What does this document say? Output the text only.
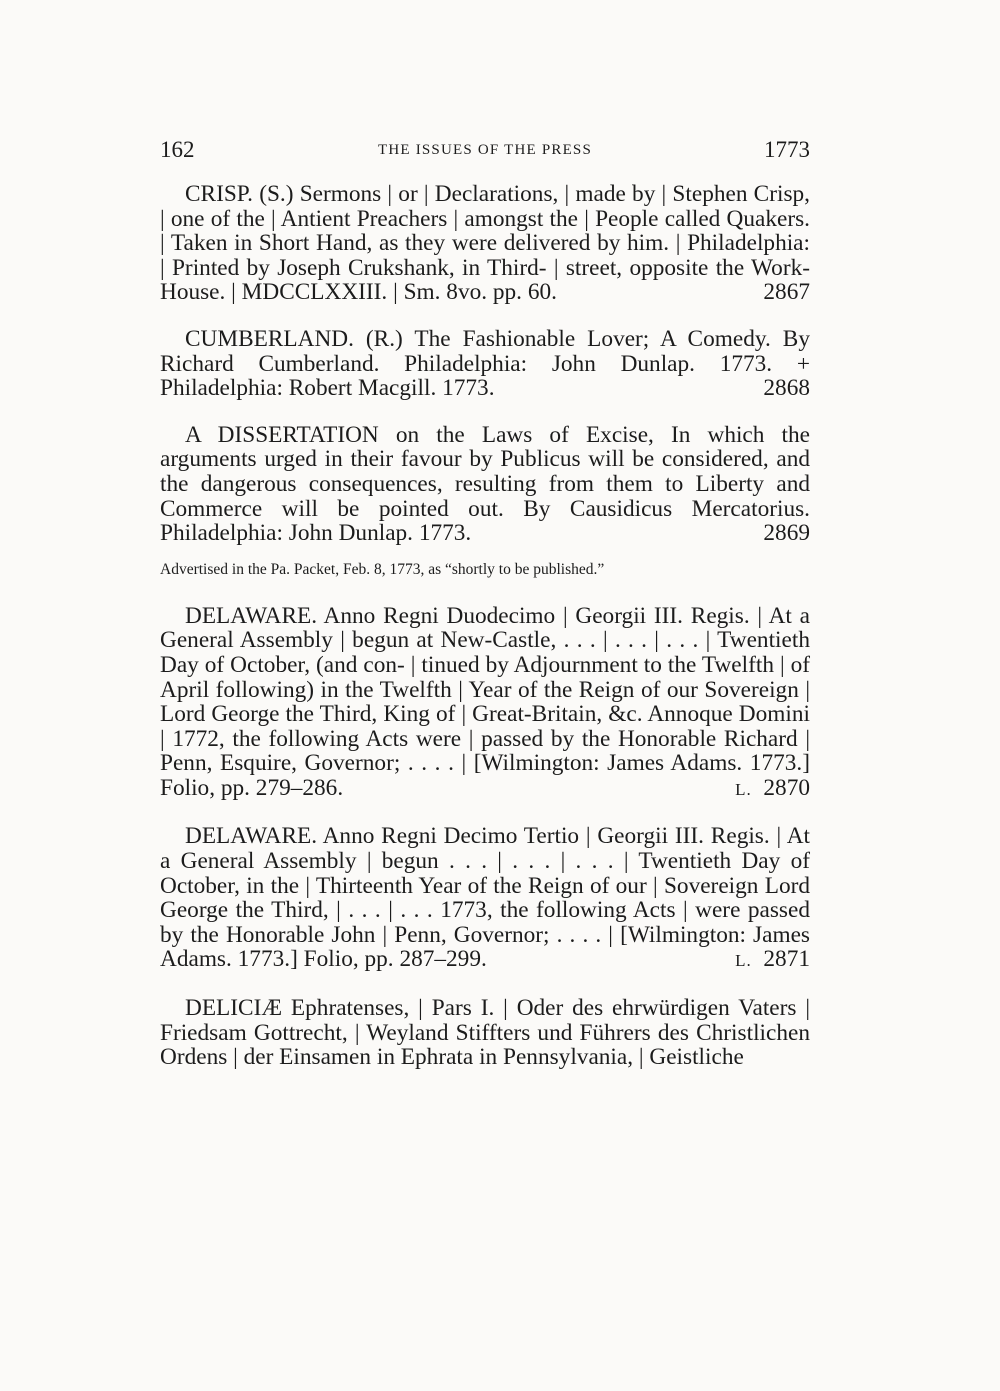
162	THE ISSUES OF THE PRESS	1773
CRISP. (S.) Sermons | or | Declarations, | made by | Stephen Crisp, | one of the | Antient Preachers | amongst the | People called Quakers. | Taken in Short Hand, as they were delivered by him. | Philadelphia: | Printed by Joseph Crukshank, in Third- | street, opposite the Work-House. | MDCCLXXIII. | Sm. 8vo. pp. 60.	2867
CUMBERLAND. (R.) The Fashionable Lover; A Comedy. By Richard Cumberland. Philadelphia: John Dunlap. 1773. + Philadelphia: Robert Macgill. 1773.	2868
A DISSERTATION on the Laws of Excise, In which the arguments urged in their favour by Publicus will be considered, and the dangerous consequences, resulting from them to Liberty and Commerce will be pointed out. By Causidicus Mercatorius. Philadelphia: John Dunlap. 1773.	2869
Advertised in the Pa. Packet, Feb. 8, 1773, as “shortly to be published.”
DELAWARE. Anno Regni Duodecimo | Georgii III. Regis. | At a General Assembly | begun at New-Castle, . . . | . . . | . . . | Twentieth Day of October, (and con- | tinued by Adjournment to the Twelfth | of April following) in the Twelfth | Year of the Reign of our Sovereign | Lord George the Third, King of | Great-Britain, &c. Annoque Domini | 1772, the following Acts were | passed by the Honorable Richard | Penn, Esquire, Governor; . . . . | [Wilmington: James Adams. 1773.] Folio, pp. 279–286.	L. 2870
DELAWARE. Anno Regni Decimo Tertio | Georgii III. Regis. | At a General Assembly | begun . . . | . . . | . . . | Twentieth Day of October, in the | Thirteenth Year of the Reign of our | Sovereign Lord George the Third, | . . . | . . . 1773, the following Acts | were passed by the Honorable John | Penn, Governor; . . . . | [Wilmington: James Adams. 1773.] Folio, pp. 287–299.	L. 2871
DELICIÆ Ephratenses, | Pars I. | Oder des ehrwürdigen Vaters | Friedsam Gottrecht, | Weyland Stiffters und Führers des Christlichen Ordens | der Einsamen in Ephrata in Pennsylvania, | Geistliche
